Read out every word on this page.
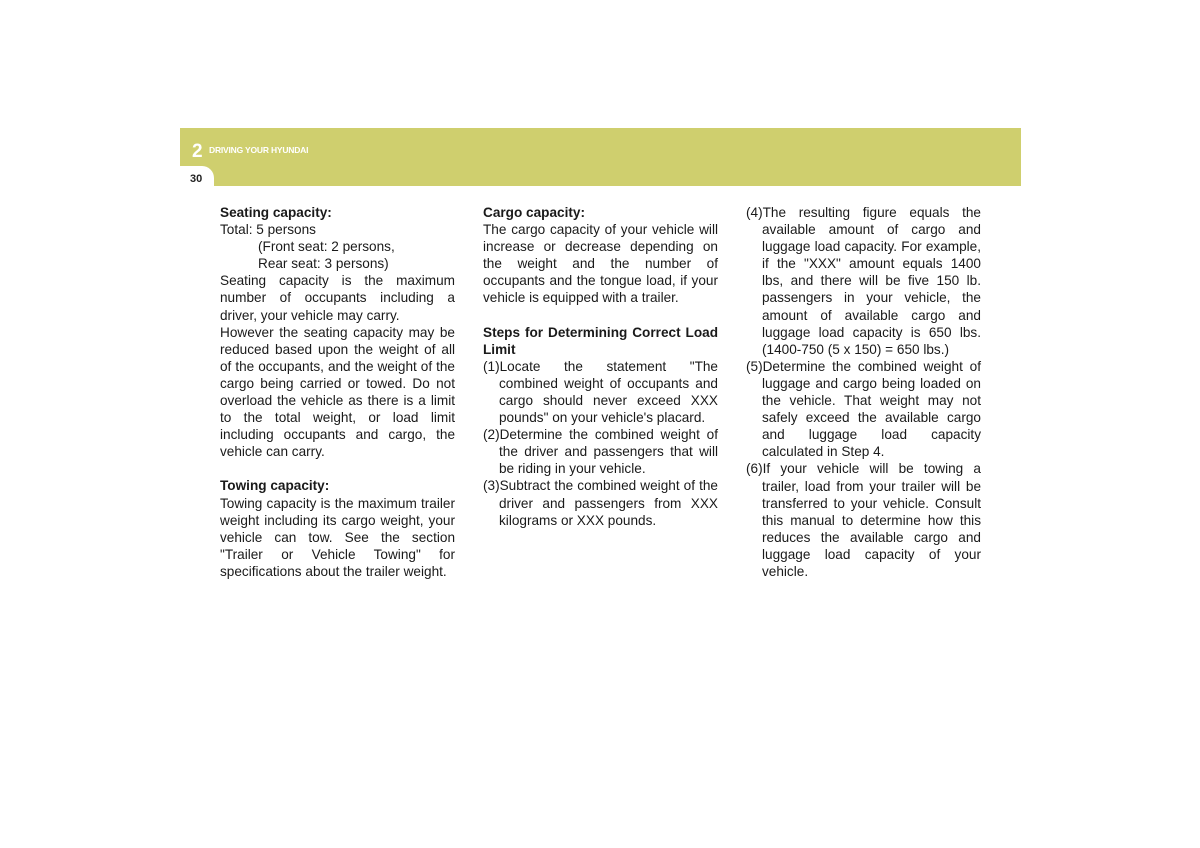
2 DRIVING YOUR HYUNDAI
30

Seating capacity:

Total: 5 persons

(Front seat: 2 persons,

Rear seat: 3 persons)

Seating capacity is the maximum number of occupants including a driver, your vehicle may carry.

However the seating capacity may be reduced based upon the weight of all of the occupants, and the weight of the cargo being carried or towed. Do not overload the vehicle as there is a limit to the total weight, or load limit including occupants and cargo, the vehicle can carry.

Towing capacity:

Towing capacity is the maximum trailer weight including its cargo weight, your vehicle can tow. See the section "Trailer or Vehicle Towing" for specifications about the trailer weight.

Cargo capacity:

The cargo capacity of your vehicle will increase or decrease depending on the weight and the number of occupants and the tongue load, if your vehicle is equipped with a trailer.

Steps for Determining Correct Load Limit

(1)Locate the statement "The combined weight of occupants and cargo should never exceed XXX pounds" on your vehicle's placard.

(2)Determine the combined weight of the driver and passengers that will be riding in your vehicle.

(3)Subtract the combined weight of the driver and passengers from XXX kilograms or XXX pounds.

(4)The resulting figure equals the available amount of cargo and luggage load capacity. For example, if the "XXX" amount equals 1400 lbs, and there will be five 150 lb. passengers in your vehicle, the amount of available cargo and luggage load capacity is 650 lbs. (1400-750 (5 x 150) = 650 lbs.)

(5)Determine the combined weight of luggage and cargo being loaded on the vehicle. That weight may not safely exceed the available cargo and luggage load capacity calculated in Step 4.

(6)If your vehicle will be towing a trailer, load from your trailer will be transferred to your vehicle. Consult this manual to determine how this reduces the available cargo and luggage load capacity of your vehicle.
